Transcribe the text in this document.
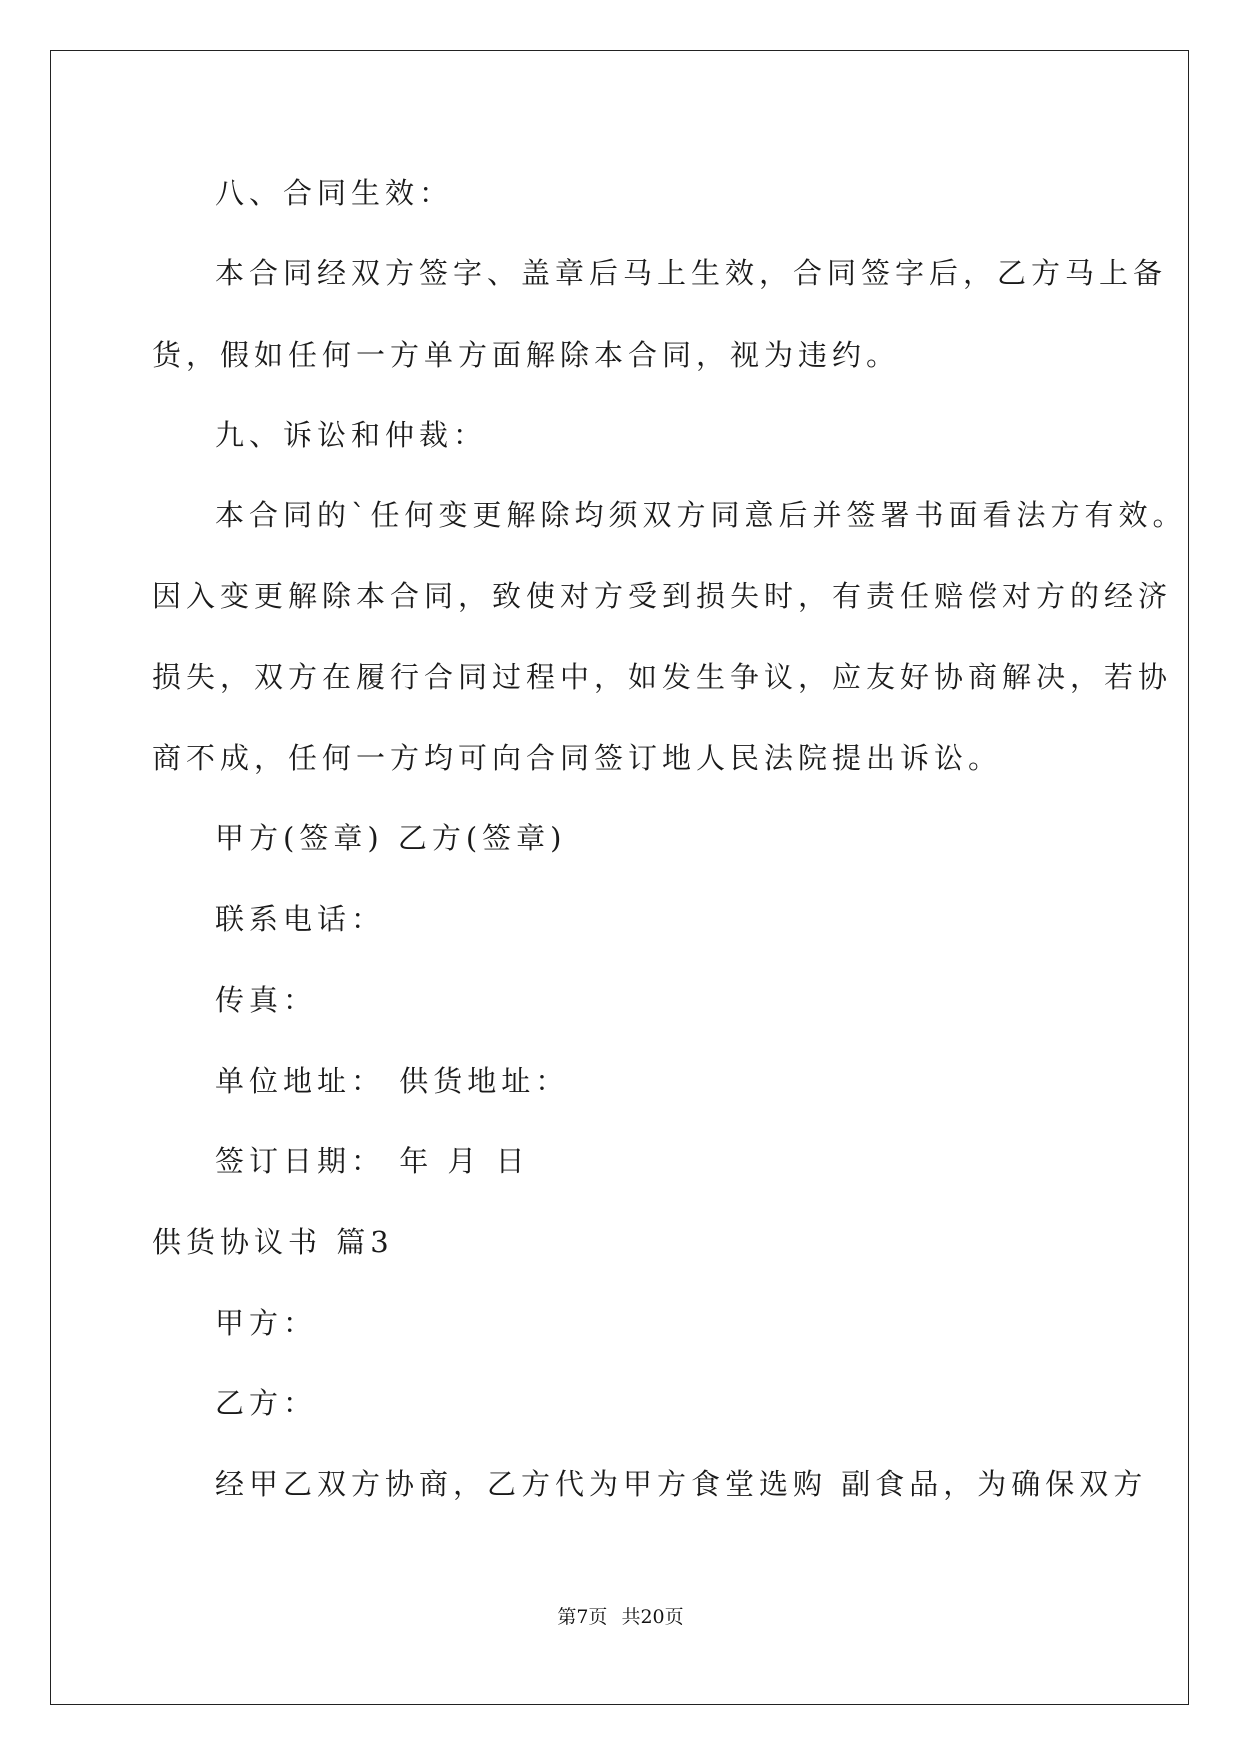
八、合同生效：
本合同经双方签字、盖章后马上生效，合同签字后，乙方马上备
货，假如任何一方单方面解除本合同，视为违约。
九、诉讼和仲裁：
本合同的`任何变更解除均须双方同意后并签署书面看法方有效。
因入变更解除本合同，致使对方受到损失时，有责任赔偿对方的经济
损失，双方在履行合同过程中，如发生争议，应友好协商解决，若协
商不成，任何一方均可向合同签订地人民法院提出诉讼。
甲方(签章) 乙方(签章)
联系电话：
传真：
单位地址： 供货地址：
签订日期： 年 月 日
供货协议书 篇3
甲方：
乙方：
经甲乙双方协商，乙方代为甲方食堂选购 副食品，为确保双方
第7页 共20页
